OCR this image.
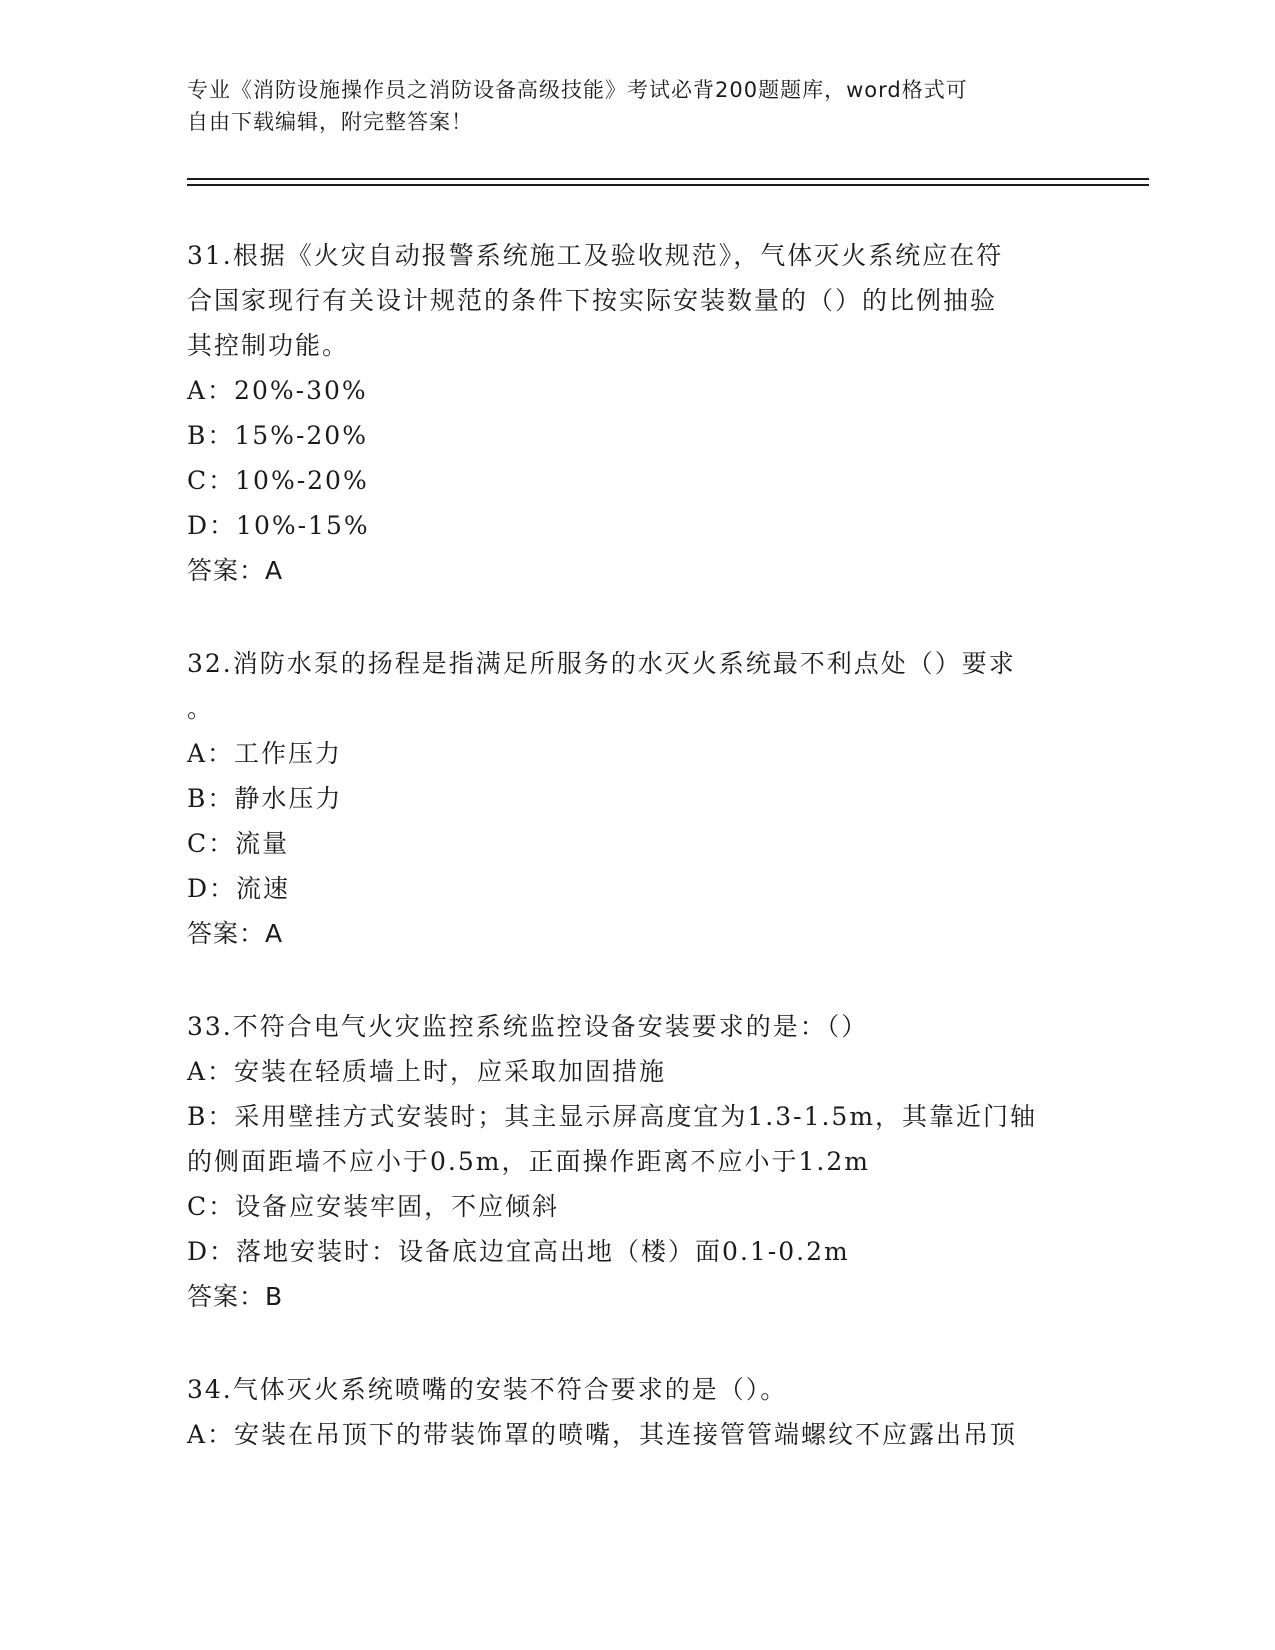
专业《消防设施操作员之消防设备高级技能》考试必背200题题库，word格式可
自由下载编辑，附完整答案！

31.根据《火灾自动报警系统施工及验收规范》，气体灭火系统应在符

合国家现行有关设计规范的条件下按实际安装数量的（）的比例抽验

其控制功能。

A：20%-30%

B：15%-20%

C：10%-20%

D：10%-15%

答案：A

32.消防水泵的扬程是指满足所服务的水灭火系统最不利点处（）要求

。

A：工作压力

B：静水压力

C：流量

D：流速

答案：A

33.不符合电气火灾监控系统监控设备安装要求的是：（）

A：安装在轻质墙上时，应采取加固措施

B：采用壁挂方式安装时；其主显示屏高度宜为1.3-1.5m，其靠近门轴

的侧面距墙不应小于0.5m，正面操作距离不应小于1.2m

C：设备应安装牢固，不应倾斜

D：落地安装时：设备底边宜高出地（楼）面0.1-0.2m

答案：B

34.气体灭火系统喷嘴的安装不符合要求的是（）。

A：安装在吊顶下的带装饰罩的喷嘴，其连接管管端螺纹不应露出吊顶
